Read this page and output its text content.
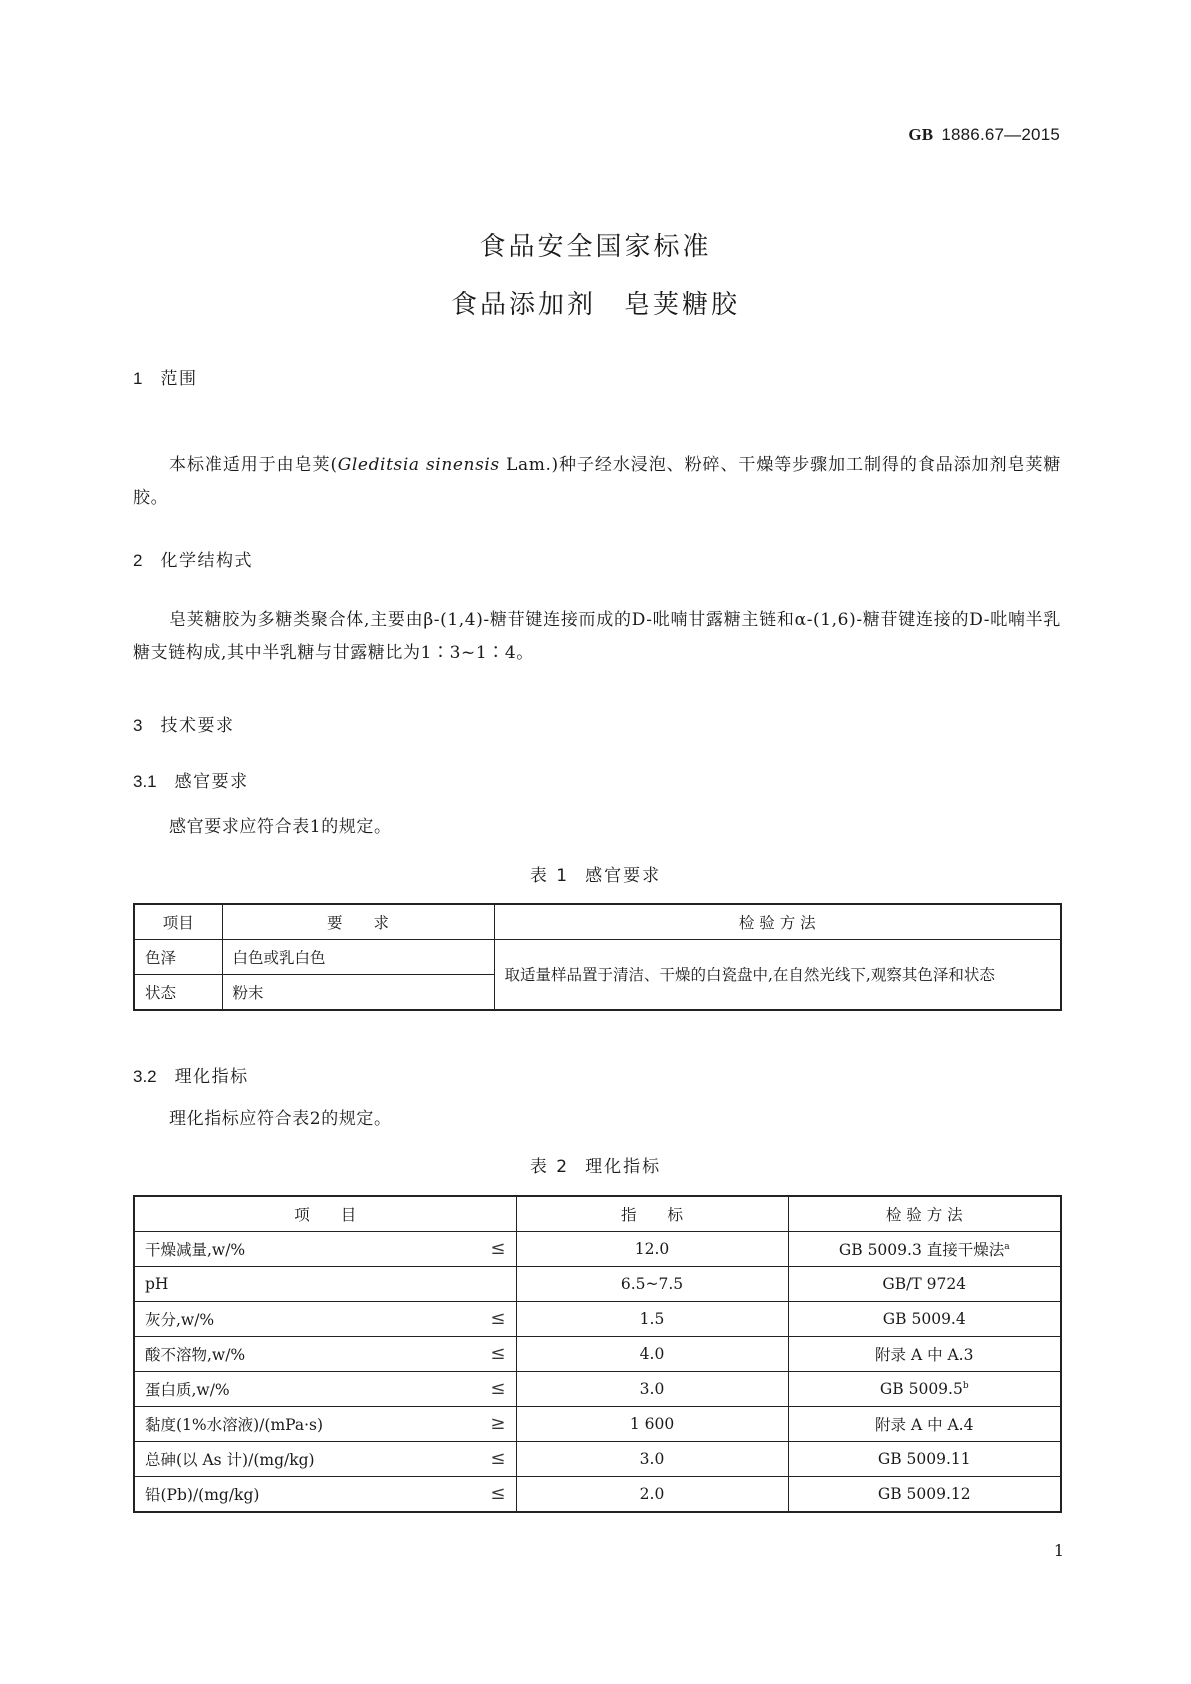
GB 1886.67—2015
食品安全国家标准
食品添加剂 皂荚糖胶
1 范围
本标准适用于由皂荚(Gleditsia sinensis Lam.)种子经水浸泡、粉碎、干燥等步骤加工制得的食品添加剂皂荚糖胶。
2 化学结构式
皂荚糖胶为多糖类聚合体,主要由β-(1,4)-糖苷键连接而成的D-吡喃甘露糖主链和α-(1,6)-糖苷键连接的D-吡喃半乳糖支链构成,其中半乳糖与甘露糖比为1∶3~1∶4。
3 技术要求
3.1 感官要求
感官要求应符合表1的规定。
表 1 感官要求
项目	要　　求	检 验 方 法
色泽	白色或乳白色	取适量样品置于清洁、干燥的白瓷盘中,在自然光线下,观察其色泽和状态
状态	粉末	
3.2 理化指标
理化指标应符合表2的规定。
表 2 理化指标
项　　目	指　　标	检 验 方 法
干燥减量,w/% ≤	12.0	GB 5009.3 直接干燥法$^a$
pH	6.5~7.5	GB/T 9724
灰分,w/% ≤	1.5	GB 5009.4
酸不溶物,w/% ≤	4.0	附录 A 中 A.3
蛋白质,w/% ≤	3.0	GB 5009.5$^b$
黏度(1%水溶液)/(mPa·s) ≥	1 600	附录 A 中 A.4
总砷(以 As 计)/(mg/kg) ≤	3.0	GB 5009.11
铅(Pb)/(mg/kg) ≤	2.0	GB 5009.12
1
